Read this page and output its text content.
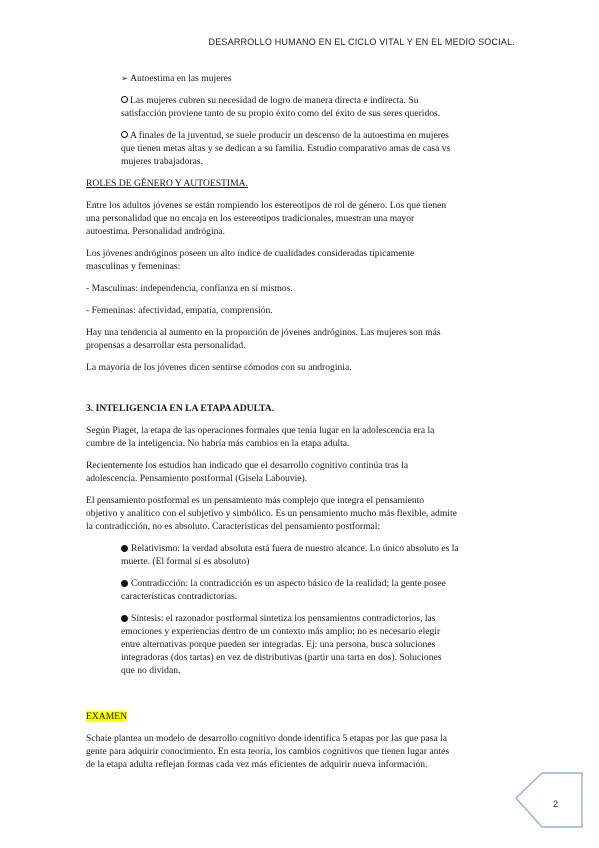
DESARROLLO HUMANO EN EL CICLO VITAL Y EN EL MEDIO SOCIAL.
➢ Autoestima en las mujeres
Las mujeres cubren su necesidad de logro de manera directa e indirecta. Su
satisfacción proviene tanto de su propio éxito como del éxito de sus seres queridos.
A finales de la juventud, se suele producir un descenso de la autoestima en mujeres
que tienen metas altas y se dedican a su familia. Estudio comparativo amas de casa vs
mujeres trabajadoras.
ROLES DE GÉNERO Y AUTOESTIMA.
Entre los adultos jóvenes se están rompiendo los estereotipos de rol de género. Los que tienen
una personalidad que no encaja en los estereotipos tradicionales, muestran una mayor
autoestima. Personalidad andrógina.
Los jóvenes andróginos poseen un alto índice de cualidades consideradas típicamente
masculinas y femeninas:
- Masculinas: independencia, confianza en sí mismos.
- Femeninas: afectividad, empatía, comprensión.
Hay una tendencia al aumento en la proporción de jóvenes andróginos. Las mujeres son más
propensas a desarrollar esta personalidad.
La mayoría de los jóvenes dicen sentirse cómodos con su androginia.
3. INTELIGENCIA EN LA ETAPA ADULTA.
Según Piaget, la etapa de las operaciones formales que tenía lugar en la adolescencia era la
cumbre de la inteligencia. No habría más cambios en la etapa adulta.
Recientemente los estudios han indicado que el desarrollo cognitivo continúa tras la
adolescencia. Pensamiento postformal (Gisela Labouvie).
El pensamiento postformal es un pensamiento más complejo que integra el pensamiento
objetivo y analítico con el subjetivo y simbólico. Es un pensamiento mucho más flexible, admite
la contradicción, no es absoluto. Características del pensamiento postformal:
Relativismo: la verdad absoluta está fuera de nuestro alcance. Lo único absoluto es la
muerte. (El formal sí es absoluto)
Contradicción: la contradicción es un aspecto básico de la realidad; la gente posee
características contradictorias.
Síntesis: el razonador postformal sintetiza los pensamientos contradictorios, las
emociones y experiencias dentro de un contexto más amplio; no es necesario elegir
entre alternativas porque pueden ser integradas. Ej: una persona, busca soluciones
integradoras (dos tartas) en vez de distributivas (partir una tarta en dos). Soluciones
que no dividan.
EXAMEN
Schaie plantea un modelo de desarrollo cognitivo donde identifica 5 etapas por las que pasa la
gente para adquirir conocimiento. En esta teoría, los cambios cognitivos que tienen lugar antes
de la etapa adulta reflejan formas cada vez más eficientes de adquirir nueva información.
2
